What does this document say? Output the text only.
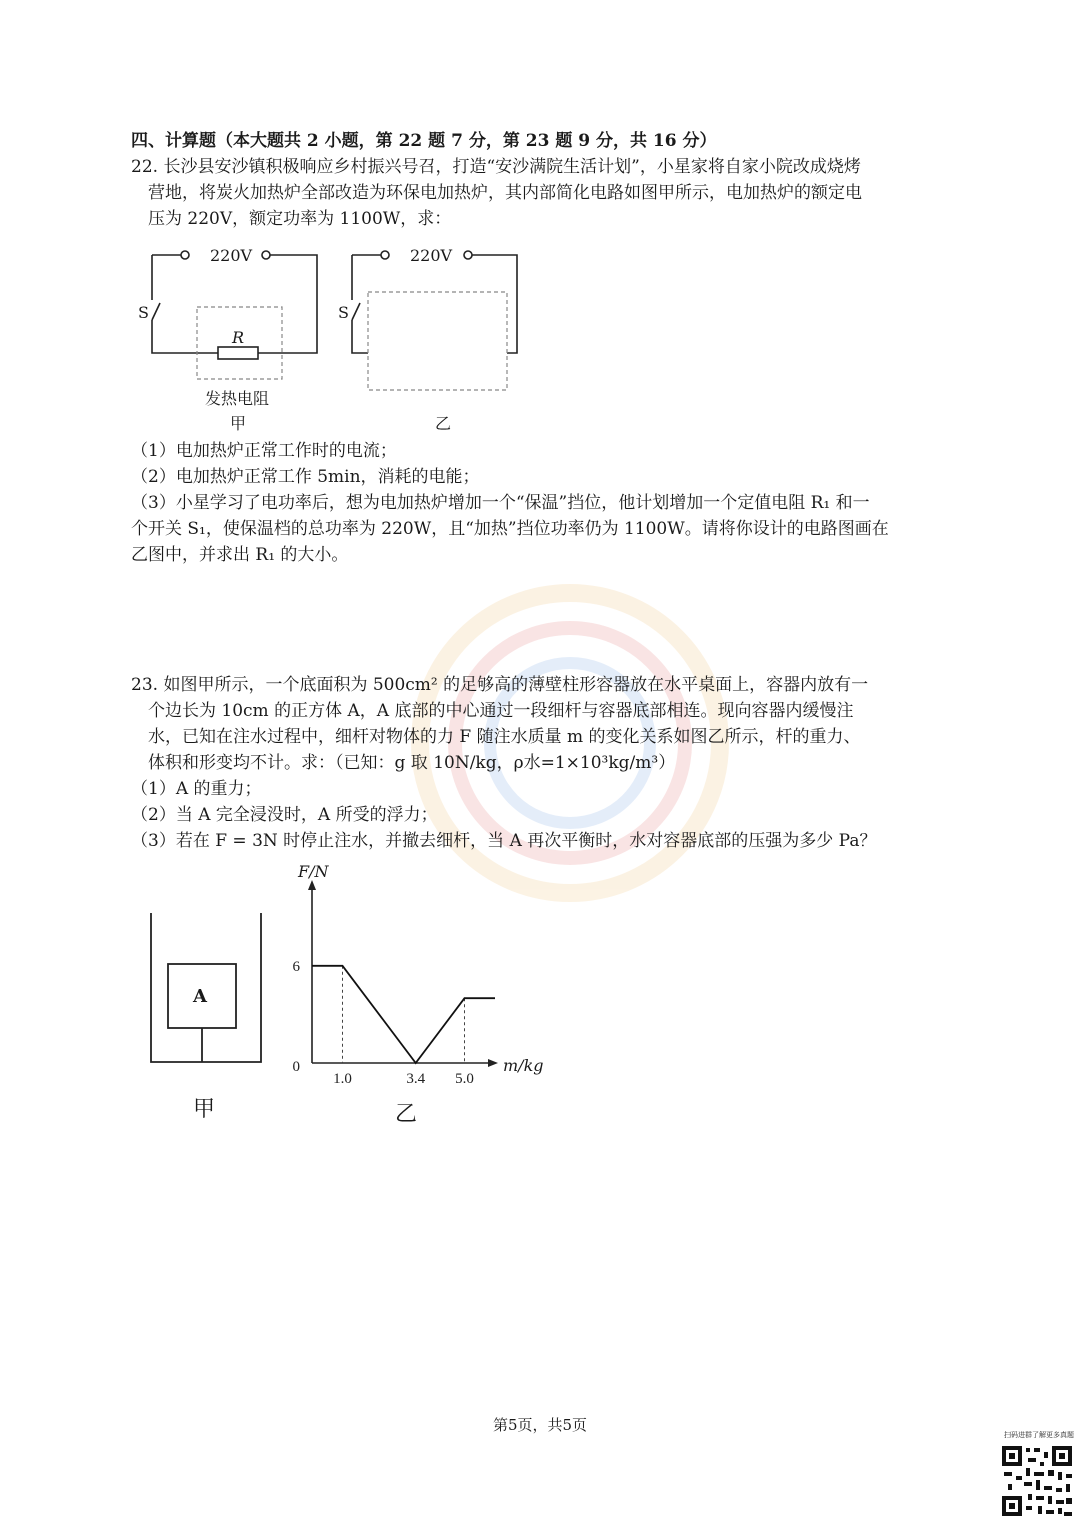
四、计算题（本大题共 2 小题，第 22 题 7 分，第 23 题 9 分，共 16 分）
22. 长沙县安沙镇积极响应乡村振兴号召，打造“安沙满院生活计划”，小星家将自家小院改成烧烤
营地，将炭火加热炉全部改造为环保电加热炉，其内部简化电路如图甲所示，电加热炉的额定电
压为 220V，额定功率为 1100W，求：
220V
S
R
发热电阻
甲
220V
S
乙
（1）电加热炉正常工作时的电流；
（2）电加热炉正常工作 5min，消耗的电能；
（3）小星学习了电功率后，想为电加热炉增加一个“保温”挡位，他计划增加一个定值电阻 R₁ 和一
个开关 S₁，使保温档的总功率为 220W，且“加热”挡位功率仍为 1100W。请将你设计的电路图画在
乙图中，并求出 R₁ 的大小。
23. 如图甲所示，一个底面积为 500cm² 的足够高的薄壁柱形容器放在水平桌面上，容器内放有一
个边长为 10cm 的正方体 A，A 底部的中心通过一段细杆与容器底部相连。现向容器内缓慢注
水，已知在注水过程中，细杆对物体的力 F 随注水质量 m 的变化关系如图乙所示，杆的重力、
体积和形变均不计。求：（已知：g 取 10N/kg，ρ水=1×10³kg/m³）
（1）A 的重力；
（2）当 A 完全浸没时，A 所受的浮力；
（3）若在 F = 3N 时停止注水，并撤去细杆，当 A 再次平衡时，水对容器底部的压强为多少 Pa？
A
甲
1.0	3.4 5.0
0
6
F/N
m/kg
乙
第5页，共5页
扫码进群了解更多真题
